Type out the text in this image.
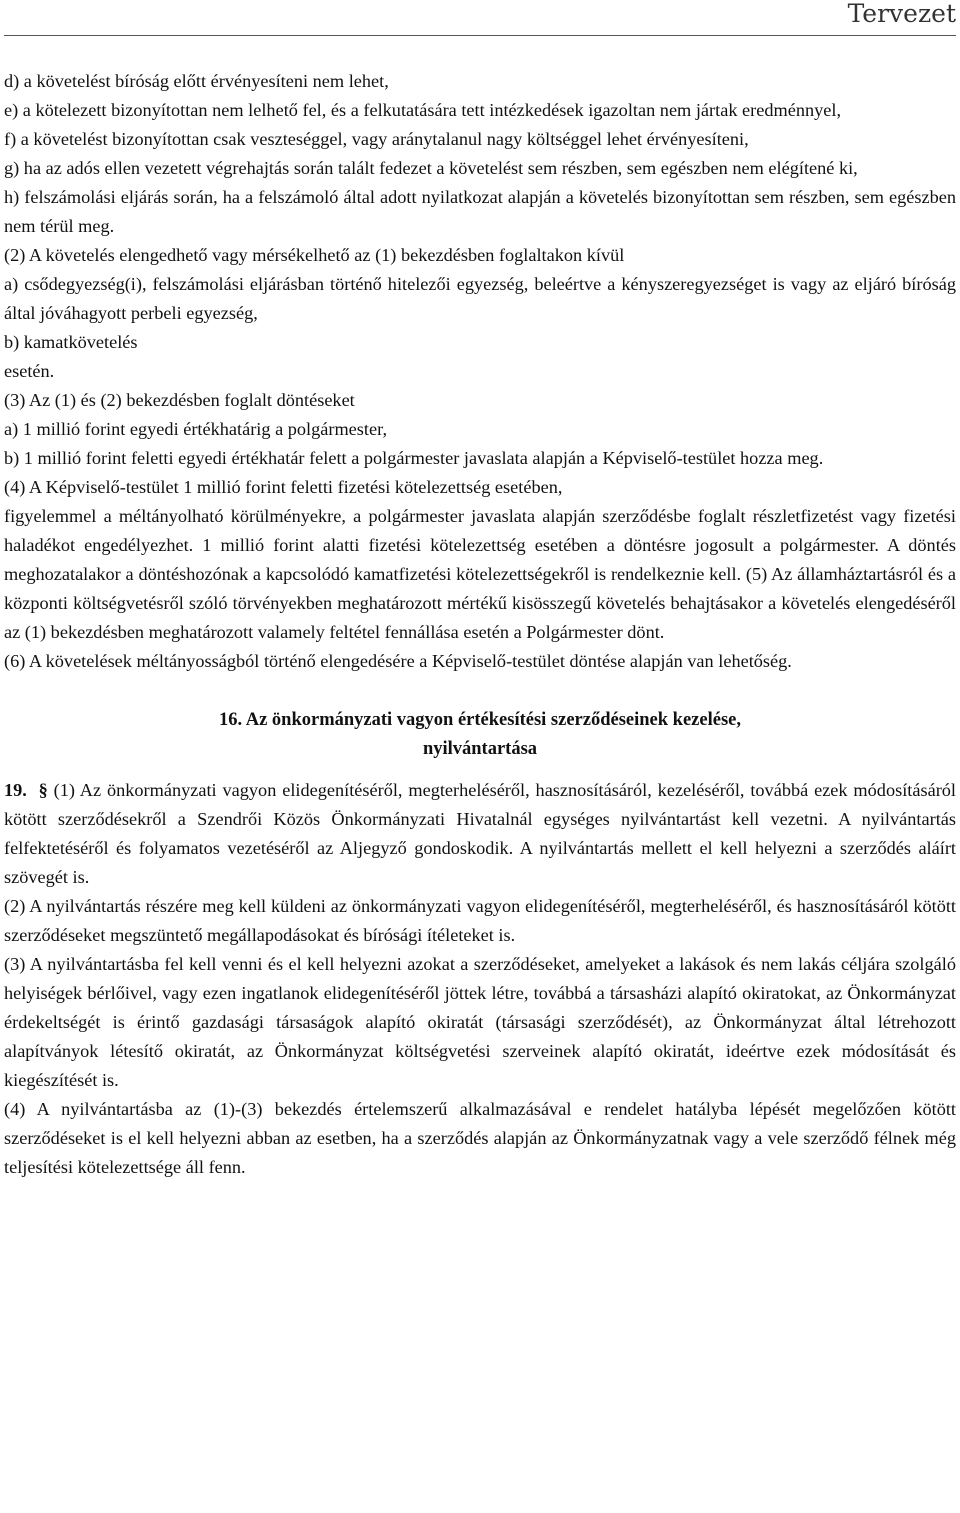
Tervezet

d) a követelést bíróság előtt érvényesíteni nem lehet,

e) a kötelezett bizonyítottan nem lelhető fel, és a felkutatására tett intézkedések igazoltan nem jártak eredménnyel,

f) a követelést bizonyítottan csak veszteséggel, vagy aránytalanul nagy költséggel lehet érvényesíteni,

g) ha az adós ellen vezetett végrehajtás során talált fedezet a követelést sem részben, sem egészben nem elégítené ki,

h) felszámolási eljárás során, ha a felszámoló által adott nyilatkozat alapján a követelés bizonyítottan sem részben, sem egészben nem térül meg.

(2) A követelés elengedhető vagy mérsékelhető az (1) bekezdésben foglaltakon kívül

a) csődegyezség(i), felszámolási eljárásban történő hitelezői egyezség, beleértve a kényszeregyezséget is vagy az eljáró bíróság által jóváhagyott perbeli egyezség,

b) kamatkövetelés

esetén.

(3) Az (1) és (2) bekezdésben foglalt döntéseket

a) 1 millió forint egyedi értékhatárig a polgármester,

b) 1 millió forint feletti egyedi értékhatár felett a polgármester javaslata alapján a Képviselő-testület hozza meg.

(4) A Képviselő-testület 1 millió forint feletti fizetési kötelezettség esetében,

figyelemmel a méltányolható körülményekre, a polgármester javaslata alapján szerződésbe foglalt részletfizetést vagy fizetési haladékot engedélyezhet. 1 millió forint alatti fizetési kötelezettség esetében a döntésre jogosult a polgármester. A döntés meghozatalakor a döntéshozónak a kapcsolódó kamatfizetési kötelezettségekről is rendelkeznie kell. (5) Az államháztartásról és a központi költségvetésről szóló törvényekben meghatározott mértékű kisösszegű követelés behajtásakor a követelés elengedéséről az (1) bekezdésben meghatározott valamely feltétel fennállása esetén a Polgármester dönt.

(6) A követelések méltányosságból történő elengedésére a Képviselő-testület döntése alapján van lehetőség.

16. Az önkormányzati vagyon értékesítési szerződéseinek kezelése,
nyilvántartása

19. § (1) Az önkormányzati vagyon elidegenítéséről, megterheléséről, hasznosításáról, kezeléséről, továbbá ezek módosításáról kötött szerződésekről a Szendrői Közös Önkormányzati Hivatalnál egységes nyilvántartást kell vezetni. A nyilvántartás felfektetéséről és folyamatos vezetéséről az Aljegyző gondoskodik. A nyilvántartás mellett el kell helyezni a szerződés aláírt szövegét is.

(2) A nyilvántartás részére meg kell küldeni az önkormányzati vagyon elidegenítéséről, megterheléséről, és hasznosításáról kötött szerződéseket megszüntető megállapodásokat és bírósági ítéleteket is.

(3) A nyilvántartásba fel kell venni és el kell helyezni azokat a szerződéseket, amelyeket a lakások és nem lakás céljára szolgáló helyiségek bérlőivel, vagy ezen ingatlanok elidegenítéséről jöttek létre, továbbá a társasházi alapító okiratokat, az Önkormányzat érdekeltségét is érintő gazdasági társaságok alapító okiratát (társasági szerződését), az Önkormányzat által létrehozott alapítványok létesítő okiratát, az Önkormányzat költségvetési szerveinek alapító okiratát, ideértve ezek módosítását és kiegészítését is.

(4) A nyilvántartásba az (1)-(3) bekezdés értelemszerű alkalmazásával e rendelet hatályba lépését megelőzően kötött szerződéseket is el kell helyezni abban az esetben, ha a szerződés alapján az Önkormányzatnak vagy a vele szerződő félnek még teljesítési kötelezettsége áll fenn.
